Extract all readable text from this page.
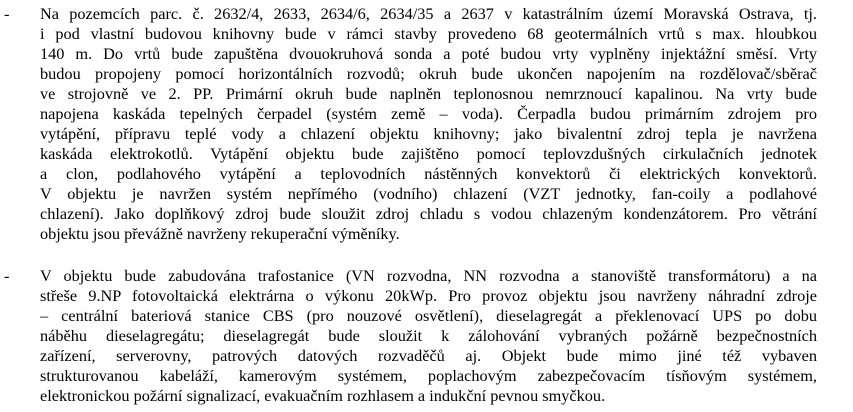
- Na pozemcích parc. č. 2632/4, 2633, 2634/6, 2634/35 a 2637 v katastrálním území Moravská Ostrava, tj.
i pod vlastní budovou knihovny bude v rámci stavby provedeno 68 geotermálních vrtů s max. hloubkou
140 m. Do vrtů bude zapuštěna dvouokruhová sonda a poté budou vrty vyplněny injektážní směsí. Vrty
budou propojeny pomocí horizontálních rozvodů; okruh bude ukončen napojením na rozdělovač/sběrač
ve strojovně ve 2. PP. Primární okruh bude naplněn teplonosnou nemrznoucí kapalinou. Na vrty bude
napojena kaskáda tepelných čerpadel (systém země – voda). Čerpadla budou primárním zdrojem pro
vytápění, přípravu teplé vody a chlazení objektu knihovny; jako bivalentní zdroj tepla je navržena
kaskáda elektrokotlů. Vytápění objektu bude zajištěno pomocí teplovzdušných cirkulačních jednotek
a clon, podlahového vytápění a teplovodních nástěnných konvektorů či elektrických konvektorů.
V objektu je navržen systém nepřímého (vodního) chlazení (VZT jednotky, fan-coily a podlahové
chlazení). Jako doplňkový zdroj bude sloužit zdroj chladu s vodou chlazeným kondenzátorem. Pro větrání
objektu jsou převážně navrženy rekuperační výměníky.
- V objektu bude zabudována trafostanice (VN rozvodna, NN rozvodna a stanoviště transformátoru) a na
střeše 9.NP fotovoltaická elektrárna o výkonu 20kWp. Pro provoz objektu jsou navrženy náhradní zdroje
– centrální bateriová stanice CBS (pro nouzové osvětlení), dieselagregát a překlenovací UPS po dobu
náběhu dieselagregátu; dieselagregát bude sloužit k zálohování vybraných požárně bezpečnostních
zařízení, serverovny, patrových datových rozvaděčů aj. Objekt bude mimo jiné též vybaven
strukturovanou kabeláží, kamerovým systémem, poplachovým zabezpečovacím tísňovým systémem,
elektronickou požární signalizací, evakuačním rozhlasem a indukční pevnou smyčkou.
